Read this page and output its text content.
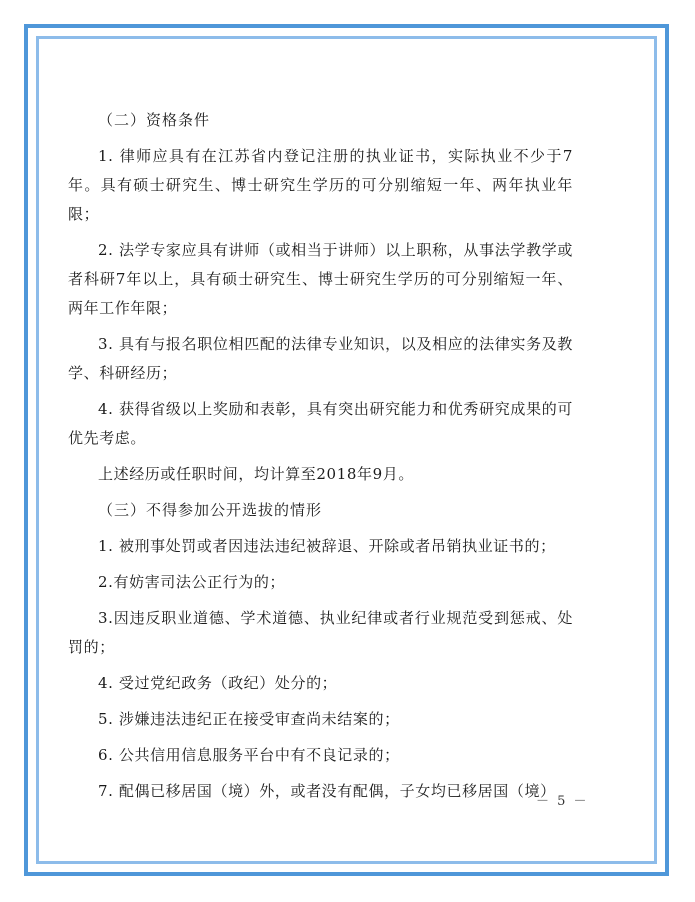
（二）资格条件

1. 律师应具有在江苏省内登记注册的执业证书，实际执业不少于7年。具有硕士研究生、博士研究生学历的可分别缩短一年、两年执业年限；

2. 法学专家应具有讲师（或相当于讲师）以上职称，从事法学教学或者科研7年以上，具有硕士研究生、博士研究生学历的可分别缩短一年、两年工作年限；

3. 具有与报名职位相匹配的法律专业知识，以及相应的法律实务及教学、科研经历；

4. 获得省级以上奖励和表彰，具有突出研究能力和优秀研究成果的可优先考虑。

上述经历或任职时间，均计算至2018年9月。

（三）不得参加公开选拔的情形

1. 被刑事处罚或者因违法违纪被辞退、开除或者吊销执业证书的；

2.有妨害司法公正行为的；

3.因违反职业道德、学术道德、执业纪律或者行业规范受到惩戒、处罚的；

4. 受过党纪政务（政纪）处分的；

5. 涉嫌违法违纪正在接受审查尚未结案的；

6. 公共信用信息服务平台中有不良记录的；

7. 配偶已移居国（境）外，或者没有配偶，子女均已移居国（境）

－ 5 －
